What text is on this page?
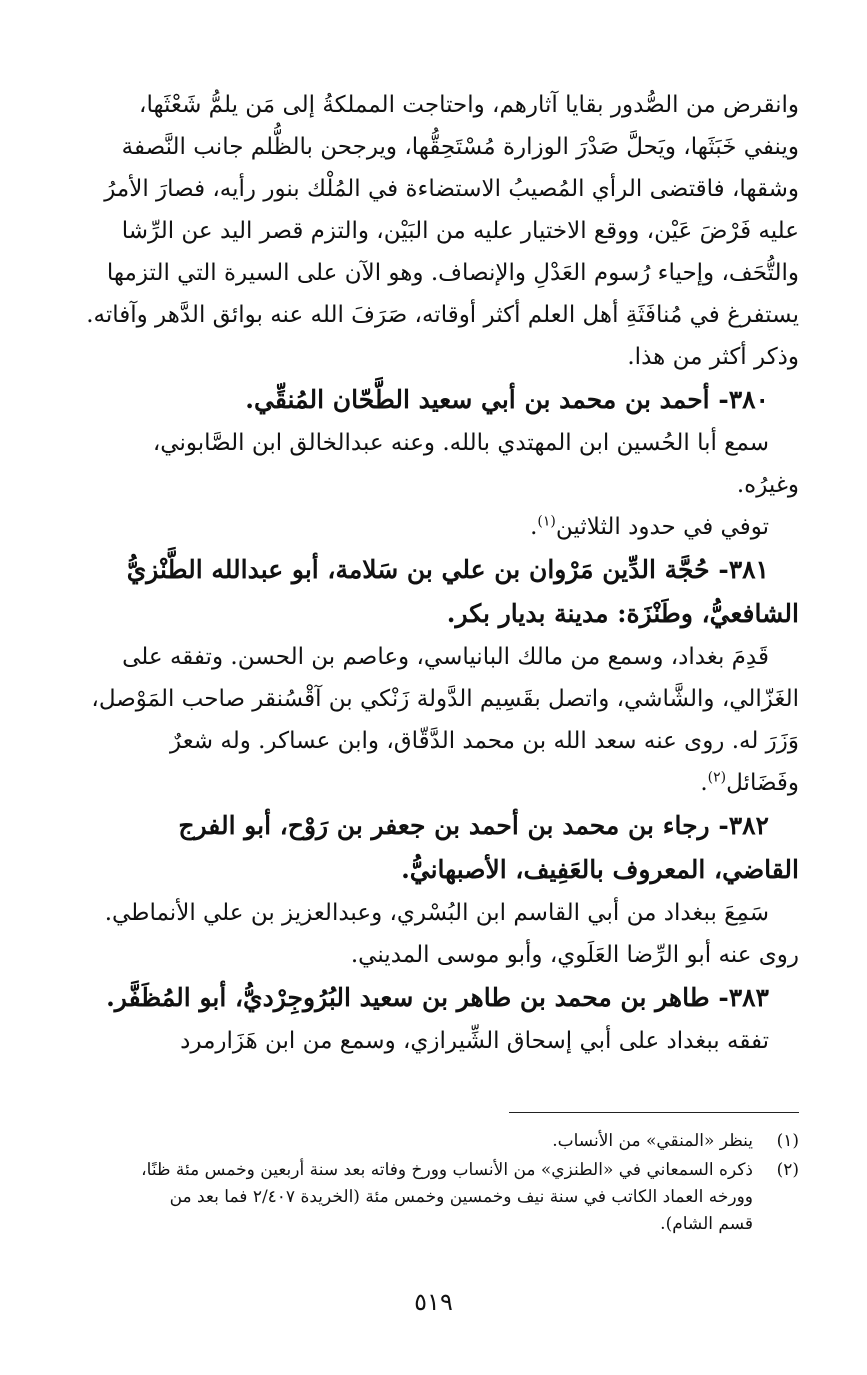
وانقرض من الصُّدور بقايا آثارهم، واحتاجت المملكةُ إلى مَن يلمُّ شَعْثَها،
وينفي خَبَثَها، ويَحلَّ صَدْرَ الوزارة مُسْتَحِقُّها، ويرجحن بالظُّلم جانب النَّصفة
وشقها، فاقتضى الرأي المُصيبُ الاستضاءة في المُلْك بنور رأيه، فصارَ الأمرُ
عليه فَرْضَ عَيْن، ووقع الاختيار عليه من البَيْن، والتزم قصر اليد عن الرِّشا
والتُّحَف، وإحياء رُسوم العَدْلِ والإنصاف. وهو الآن على السيرة التي التزمها
يستفرغ في مُنافَثَةِ أهل العلم أكثر أوقاته، صَرَفَ الله عنه بوائق الدَّهر وآفاته.
وذكر أكثر من هذا.
٣٨٠- أحمد بن محمد بن أبي سعيد الطَّحّان المُنقِّي.
سمع أبا الحُسين ابن المهتدي بالله. وعنه عبدالخالق ابن الصَّابوني،
وغيرُه.
توفي في حدود الثلاثين$^{(١)}$.
٣٨١- حُجَّة الدِّين مَرْوان بن علي بن سَلامة، أبو عبدالله الطَّنْزيُّ
الشافعيُّ، وطَنْزَة: مدينة بديار بكر.
قَدِمَ بغداد، وسمع من مالك البانياسي، وعاصم بن الحسن. وتفقه على
الغَزّالي، والشَّاشي، واتصل بقَسِيم الدَّولة زَنْكي بن آقْسُنقر صاحب المَوْصل،
وَزَرَ له. روى عنه سعد الله بن محمد الدَّقّاق، وابن عساكر. وله شعرٌ
وفَضَائل$^{(٢)}$.
٣٨٢- رجاء بن محمد بن أحمد بن جعفر بن رَوْح، أبو الفرج
القاضي، المعروف بالعَفِيف، الأصبهانيُّ.
سَمِعَ ببغداد من أبي القاسم ابن البُسْري، وعبدالعزيز بن علي الأنماطي.
روى عنه أبو الرِّضا العَلَوي، وأبو موسى المديني.
٣٨٣- طاهر بن محمد بن طاهر بن سعيد البُرُوجِرْديُّ، أبو المُظَفَّر.
تفقه ببغداد على أبي إسحاق الشِّيرازي، وسمع من ابن هَزَارمرد
(١)
ينظر «المنقي» من الأنساب.
(٢)
ذكره السمعاني في «الطنزي» من الأنساب وورخ وفاته بعد سنة أربعين وخمس مئة ظنًا،
وورخه العماد الكاتب في سنة نيف وخمسين وخمس مئة (الخريدة ٢/٤٠٧ فما بعد من
قسم الشام).
٥١٩
